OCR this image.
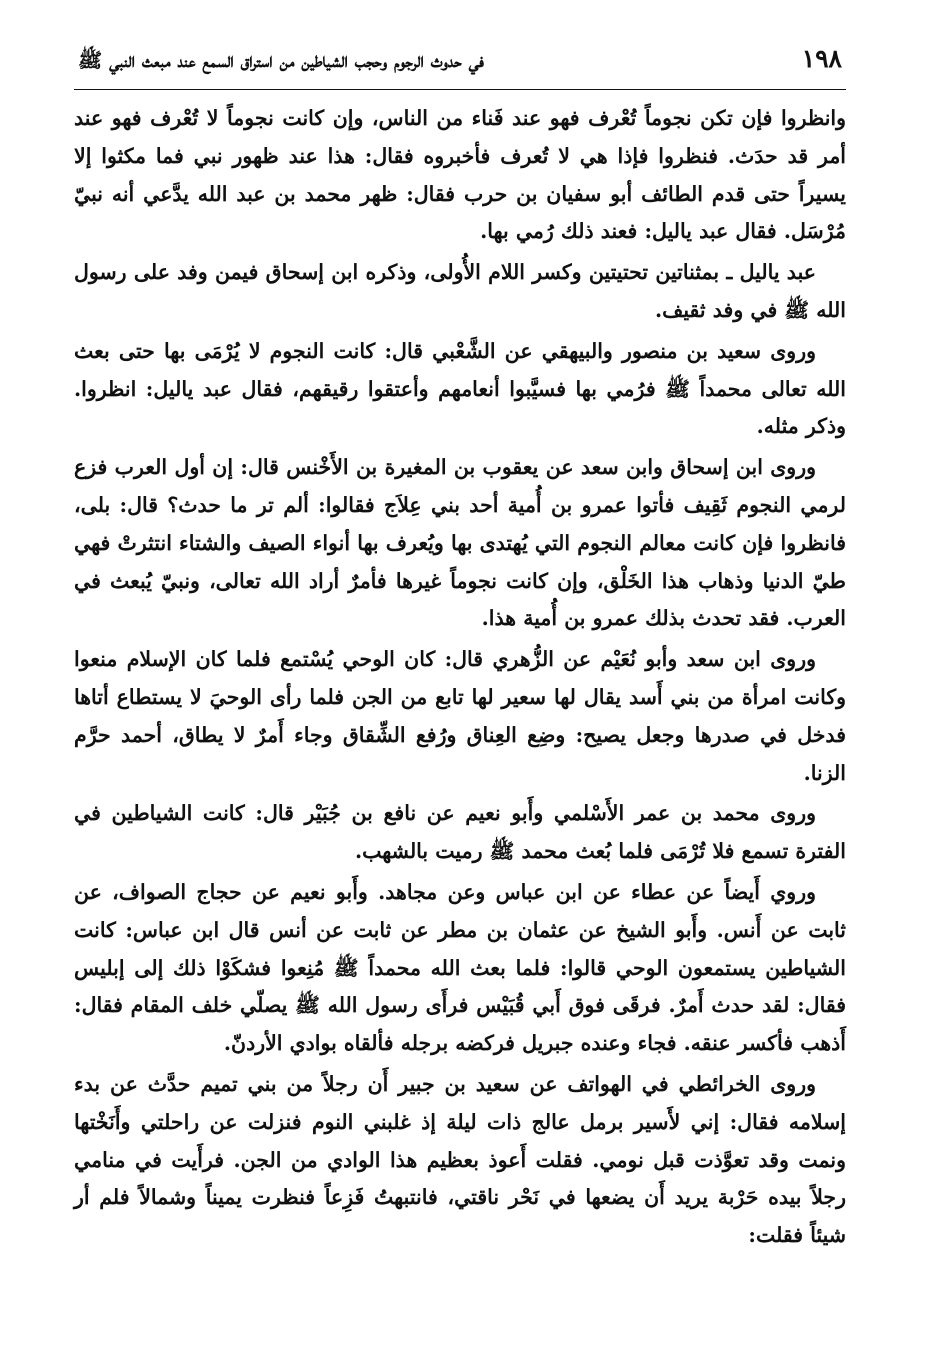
١٩٨
في حدوث الرجوم وحجب الشياطين من استراق السمع عند مبعث النبي ﷺ

وانظروا فإن تكن نجوماً تُعْرف فهو عند فَناء من الناس، وإن كانت نجوماً لا تُعْرف فهو عند أمر قد حدَث. فنظروا فإذا هي لا تُعرف فأخبروه فقال: هذا عند ظهور نبي فما مكثوا إلا يسيراً حتى قدم الطائف أبو سفيان بن حرب فقال: ظهر محمد بن عبد الله يدَّعي أنه نبيّ مُرْسَل. فقال عبد ياليل: فعند ذلك رُمي بها.

عبد ياليل ـ بمثناتين تحتيتين وكسر اللام الأُولى، وذكره ابن إسحاق فيمن وفد على رسول الله ﷺ في وفد ثقيف.

وروى سعيد بن منصور والبيهقي عن الشَّعْبي قال: كانت النجوم لا يُرْمَى بها حتى بعث الله تعالى محمداً ﷺ فرُمي بها فسيَّبوا أنعامهم وأعتقوا رقيقهم، فقال عبد ياليل: انظروا. وذكر مثله.

وروى ابن إسحاق وابن سعد عن يعقوب بن المغيرة بن الأَخْنس قال: إن أول العرب فزع لرمي النجوم ثَقِيف فأتوا عمرو بن أُمية أحد بني عِلاَج فقالوا: ألم تر ما حدث؟ قال: بلى، فانظروا فإن كانت معالم النجوم التي يُهتدى بها ويُعرف بها أنواء الصيف والشتاء انتثرتْ فهي طيّ الدنيا وذهاب هذا الخَلْق، وإن كانت نجوماً غيرها فأمرٌ أراد الله تعالى، ونبيّ يُبعث في العرب. فقد تحدث بذلك عمرو بن أُمية هذا.

وروى ابن سعد وأبو نُعَيْم عن الزُّهري قال: كان الوحي يُسْتمع فلما كان الإسلام منعوا وكانت امرأة من بني أَسد يقال لها سعير لها تابع من الجن فلما رأى الوحيَ لا يستطاع أتاها فدخل في صدرها وجعل يصيح: وضِع العِناق ورُفع الشِّقاق وجاء أَمرٌ لا يطاق، أحمد حرَّم الزنا.

وروى محمد بن عمر الأَسْلمي وأَبو نعيم عن نافع بن جُبَيْر قال: كانت الشياطين في الفترة تسمع فلا تُرْمَى فلما بُعث محمد ﷺ رميت بالشهب.

وروي أَيضاً عن عطاء عن ابن عباس وعن مجاهد. وأَبو نعيم عن حجاج الصواف، عن ثابت عن أَنس. وأَبو الشيخ عن عثمان بن مطر عن ثابت عن أنس قال ابن عباس: كانت الشياطين يستمعون الوحي قالوا: فلما بعث الله محمداً ﷺ مُنِعوا فشكَوْا ذلك إلى إبليس فقال: لقد حدث أَمرٌ. فرقَى فوق أَبي قُبَيْس فرأَى رسول الله ﷺ يصلّي خلف المقام فقال: أَذهب فأكسر عنقه. فجاء وعنده جبريل فركضه برجله فألقاه بوادي الأردنّ.

وروى الخرائطي في الهواتف عن سعيد بن جبير أَن رجلاً من بني تميم حدَّث عن بدء إسلامه فقال: إني لأَسير برمل عالج ذات ليلة إذ غلبني النوم فنزلت عن راحلتي وأَنَخْتها ونمت وقد تعوَّذت قبل نومي. فقلت أَعوذ بعظيم هذا الوادي من الجن. فرأَيت في منامي رجلاً بيده حَرْبة يريد أَن يضعها في نَحْر ناقتي، فانتبهتُ فَزِعاً فنظرت يميناً وشمالاً فلم أر شيئاً فقلت:
